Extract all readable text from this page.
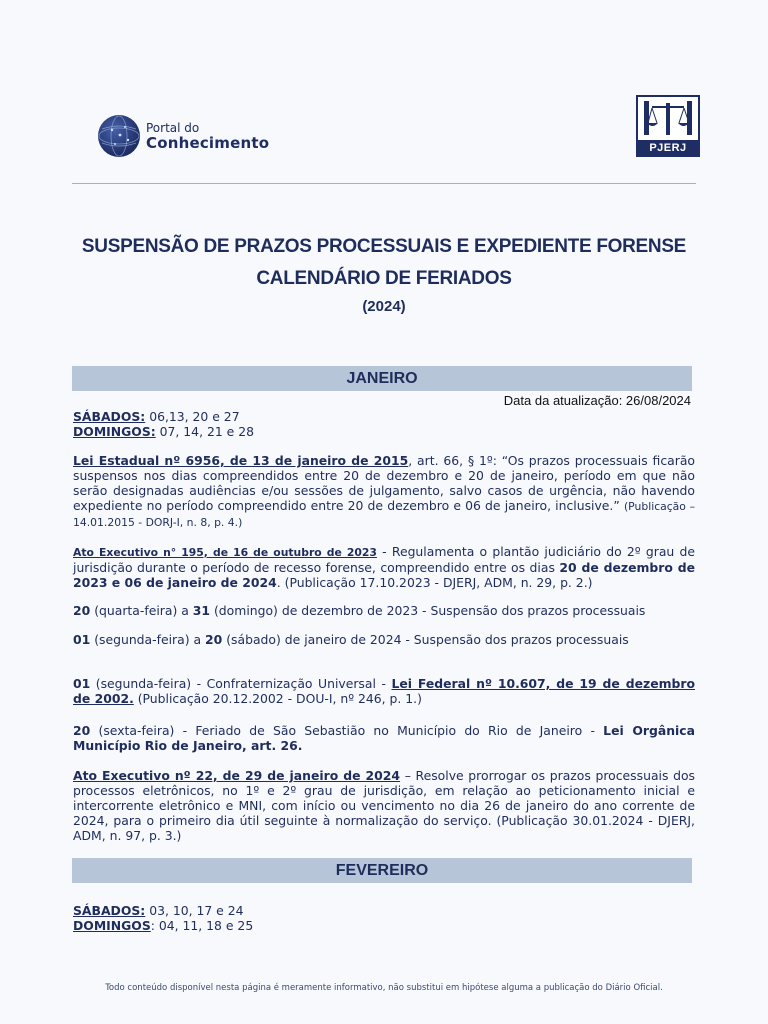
Portal do
Conhecimento	PJERJ
SUSPENSÃO DE PRAZOS PROCESSUAIS E EXPEDIENTE FORENSE
CALENDÁRIO DE FERIADOS
(2024)
JANEIRO
Data da atualização: 26/08/2024
SÁBADOS: 06,13, 20 e 27
DOMINGOS: 07, 14, 21 e 28
Lei Estadual nº 6956, de 13 de janeiro de 2015, art. 66, § 1º: “Os prazos processuais ficarão suspensos nos dias compreendidos entre 20 de dezembro e 20 de janeiro, período em que não serão designadas audiências e/ou sessões de julgamento, salvo casos de urgência, não havendo expediente no período compreendido entre 20 de dezembro e 06 de janeiro, inclusive.” (Publicação – 14.01.2015 - DORJ-I, n. 8, p. 4.)
Ato Executivo n° 195, de 16 de outubro de 2023 - Regulamenta o plantão judiciário do 2º grau de jurisdição durante o período de recesso forense, compreendido entre os dias 20 de dezembro de 2023 e 06 de janeiro de 2024. (Publicação 17.10.2023 - DJERJ, ADM, n. 29, p. 2.)
20 (quarta-feira) a 31 (domingo) de dezembro de 2023 - Suspensão dos prazos processuais
01 (segunda-feira) a 20 (sábado) de janeiro de 2024 - Suspensão dos prazos processuais
01 (segunda-feira) - Confraternização Universal - Lei Federal nº 10.607, de 19 de dezembro de 2002. (Publicação 20.12.2002 - DOU-I, nº 246, p. 1.)
20 (sexta-feira) - Feriado de São Sebastião no Município do Rio de Janeiro - Lei Orgânica Município Rio de Janeiro, art. 26.
Ato Executivo nº 22, de 29 de janeiro de 2024 – Resolve prorrogar os prazos processuais dos processos eletrônicos, no 1º e 2º grau de jurisdição, em relação ao peticionamento inicial e intercorrente eletrônico e MNI, com início ou vencimento no dia 26 de janeiro do ano corrente de 2024, para o primeiro dia útil seguinte à normalização do serviço. (Publicação 30.01.2024 - DJERJ, ADM, n. 97, p. 3.)
FEVEREIRO
SÁBADOS: 03, 10, 17 e 24
DOMINGOS: 04, 11, 18 e 25
Todo conteúdo disponível nesta página é meramente informativo, não substitui em hipótese alguma a publicação do Diário Oficial.
